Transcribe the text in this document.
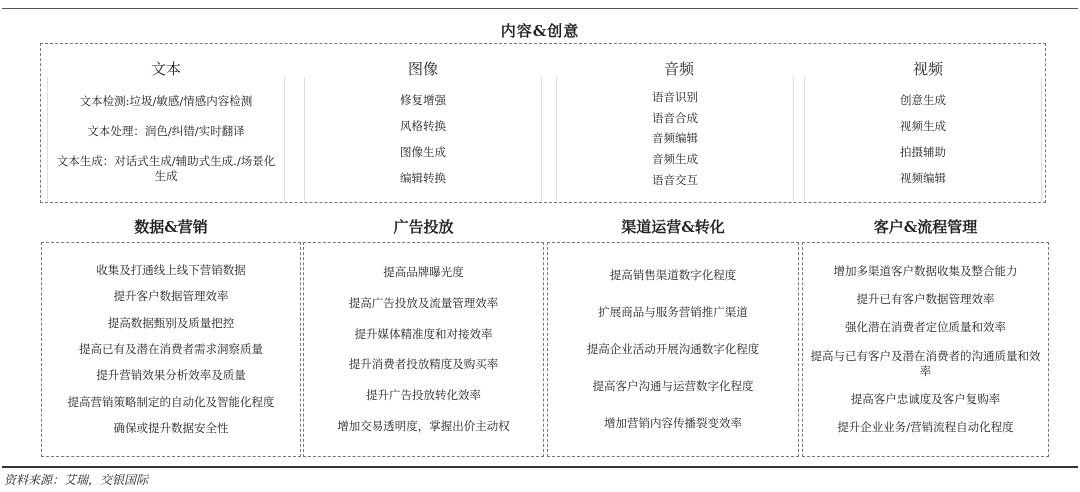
内容&创意
文本
文本检测:垃圾/敏感/情感内容检测
文本处理：润色/纠错/实时翻译
文本生成：对话式生成/辅助式生成./场景化生成
图像
修复增强
风格转换
图像生成
编辑转换
音频
语音识别
语音合成
音频编辑
音频生成
语音交互
视频
创意生成
视频生成
拍摄辅助
视频编辑
数据&营销
收集及打通线上线下营销数据
提升客户数据管理效率
提高数据甄别及质量把控
提高已有及潜在消费者需求洞察质量
提升营销效果分析效率及质量
提高营销策略制定的自动化及智能化程度
确保或提升数据安全性
广告投放
提高品牌曝光度
提高广告投放及流量管理效率
提升媒体精准度和对接效率
提升消费者投放精度及购买率
提升广告投放转化效率
增加交易透明度，掌握出价主动权
渠道运营&转化
提高销售渠道数字化程度
扩展商品与服务营销推广渠道
提高企业活动开展沟通数字化程度
提高客户沟通与运营数字化程度
增加营销内容传播裂变效率
客户&流程管理
增加多渠道客户数据收集及整合能力
提升已有客户数据管理效率
强化潜在消费者定位质量和效率
提高与已有客户及潜在消费者的沟通质量和效率
提高客户忠诚度及客户复购率
提升企业业务/营销流程自动化程度
资料来源：艾瑞，交银国际
